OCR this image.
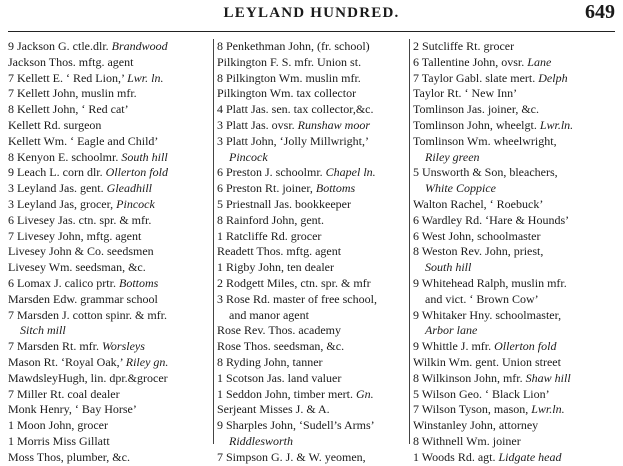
LEYLAND HUNDRED.	649
9 Jackson G. ctle.dlr. Brandwood
Jackson Thos. mftg. agent
7 Kellett E. ‘ Red Lion,’ Lwr. ln.
7 Kellett John, muslin mfr.
8 Kellett John, ‘ Red cat’
Kellett Rd. surgeon
Kellett Wm. ‘ Eagle and Child’
8 Kenyon E. schoolmr. South hill
9 Leach L. corn dlr. Ollerton fold
3 Leyland Jas. gent. Gleadhill
3 Leyland Jas, grocer, Pincock
6 Livesey Jas. ctn. spr. & mfr.
7 Livesey John, mftg. agent
Livesey John & Co. seedsmen
Livesey Wm. seedsman, &c.
6 Lomax J. calico prtr. Bottoms
Marsden Edw. grammar school
7 Marsden J. cotton spinr. & mfr.
Sitch mill
7 Marsden Rt. mfr. Worsleys
Mason Rt. ‘Royal Oak,’ Riley gn.
MawdsleyHugh, lin. dpr.&grocer
7 Miller Rt. coal dealer
Monk Henry, ‘ Bay Horse’
1 Moon John, grocer
1 Morris Miss Gillatt
Moss Thos, plumber, &c.
8 Penkethman John, (fr. school)
Pilkington F. S. mfr. Union st.
8 Pilkington Wm. muslin mfr.
Pilkington Wm. tax collector
4 Platt Jas. sen. tax collector,&c.
3 Platt Jas. ovsr. Runshaw moor
3 Platt John, ‘Jolly Millwright,’
Pincock
6 Preston J. schoolmr. Chapel ln.
6 Preston Rt. joiner, Bottoms
5 Priestnall Jas. bookkeeper
8 Rainford John, gent.
1 Ratcliffe Rd. grocer
Readett Thos. mftg. agent
1 Rigby John, ten dealer
2 Rodgett Miles, ctn. spr. & mfr
3 Rose Rd. master of free school,
and manor agent
Rose Rev. Thos. academy
Rose Thos. seedsman, &c.
8 Ryding John, tanner
1 Scotson Jas. land valuer
1 Seddon John, timber mert. Gn.
Serjeant Misses J. & A.
9 Sharples John, ‘Sudell’s Arms’
Riddlesworth
7 Simpson G. J. & W. yeomen,
2 Sutcliffe Rt. grocer
6 Tallentine John, ovsr. Lane
7 Taylor Gabl. slate mert. Delph
Taylor Rt. ‘ New Inn’
Tomlinson Jas. joiner, &c.
Tomlinson John, wheelgt. Lwr.ln.
Tomlinson Wm. wheelwright,
Riley green
5 Unsworth & Son, bleachers,
White Coppice
Walton Rachel, ‘ Roebuck’
6 Wardley Rd. ‘Hare & Hounds’
6 West John, schoolmaster
8 Weston Rev. John, priest,
South hill
9 Whitehead Ralph, muslin mfr.
and vict. ‘ Brown Cow’
9 Whitaker Hny. schoolmaster,
Arbor lane
9 Whittle J. mfr. Ollerton fold
Wilkin Wm. gent. Union street
8 Wilkinson John, mfr. Shaw hill
5 Wilson Geo. ‘ Black Lion’
7 Wilson Tyson, mason, Lwr.ln.
Winstanley John, attorney
8 Withnell Wm. joiner
1 Woods Rd. agt. Lidgate head
